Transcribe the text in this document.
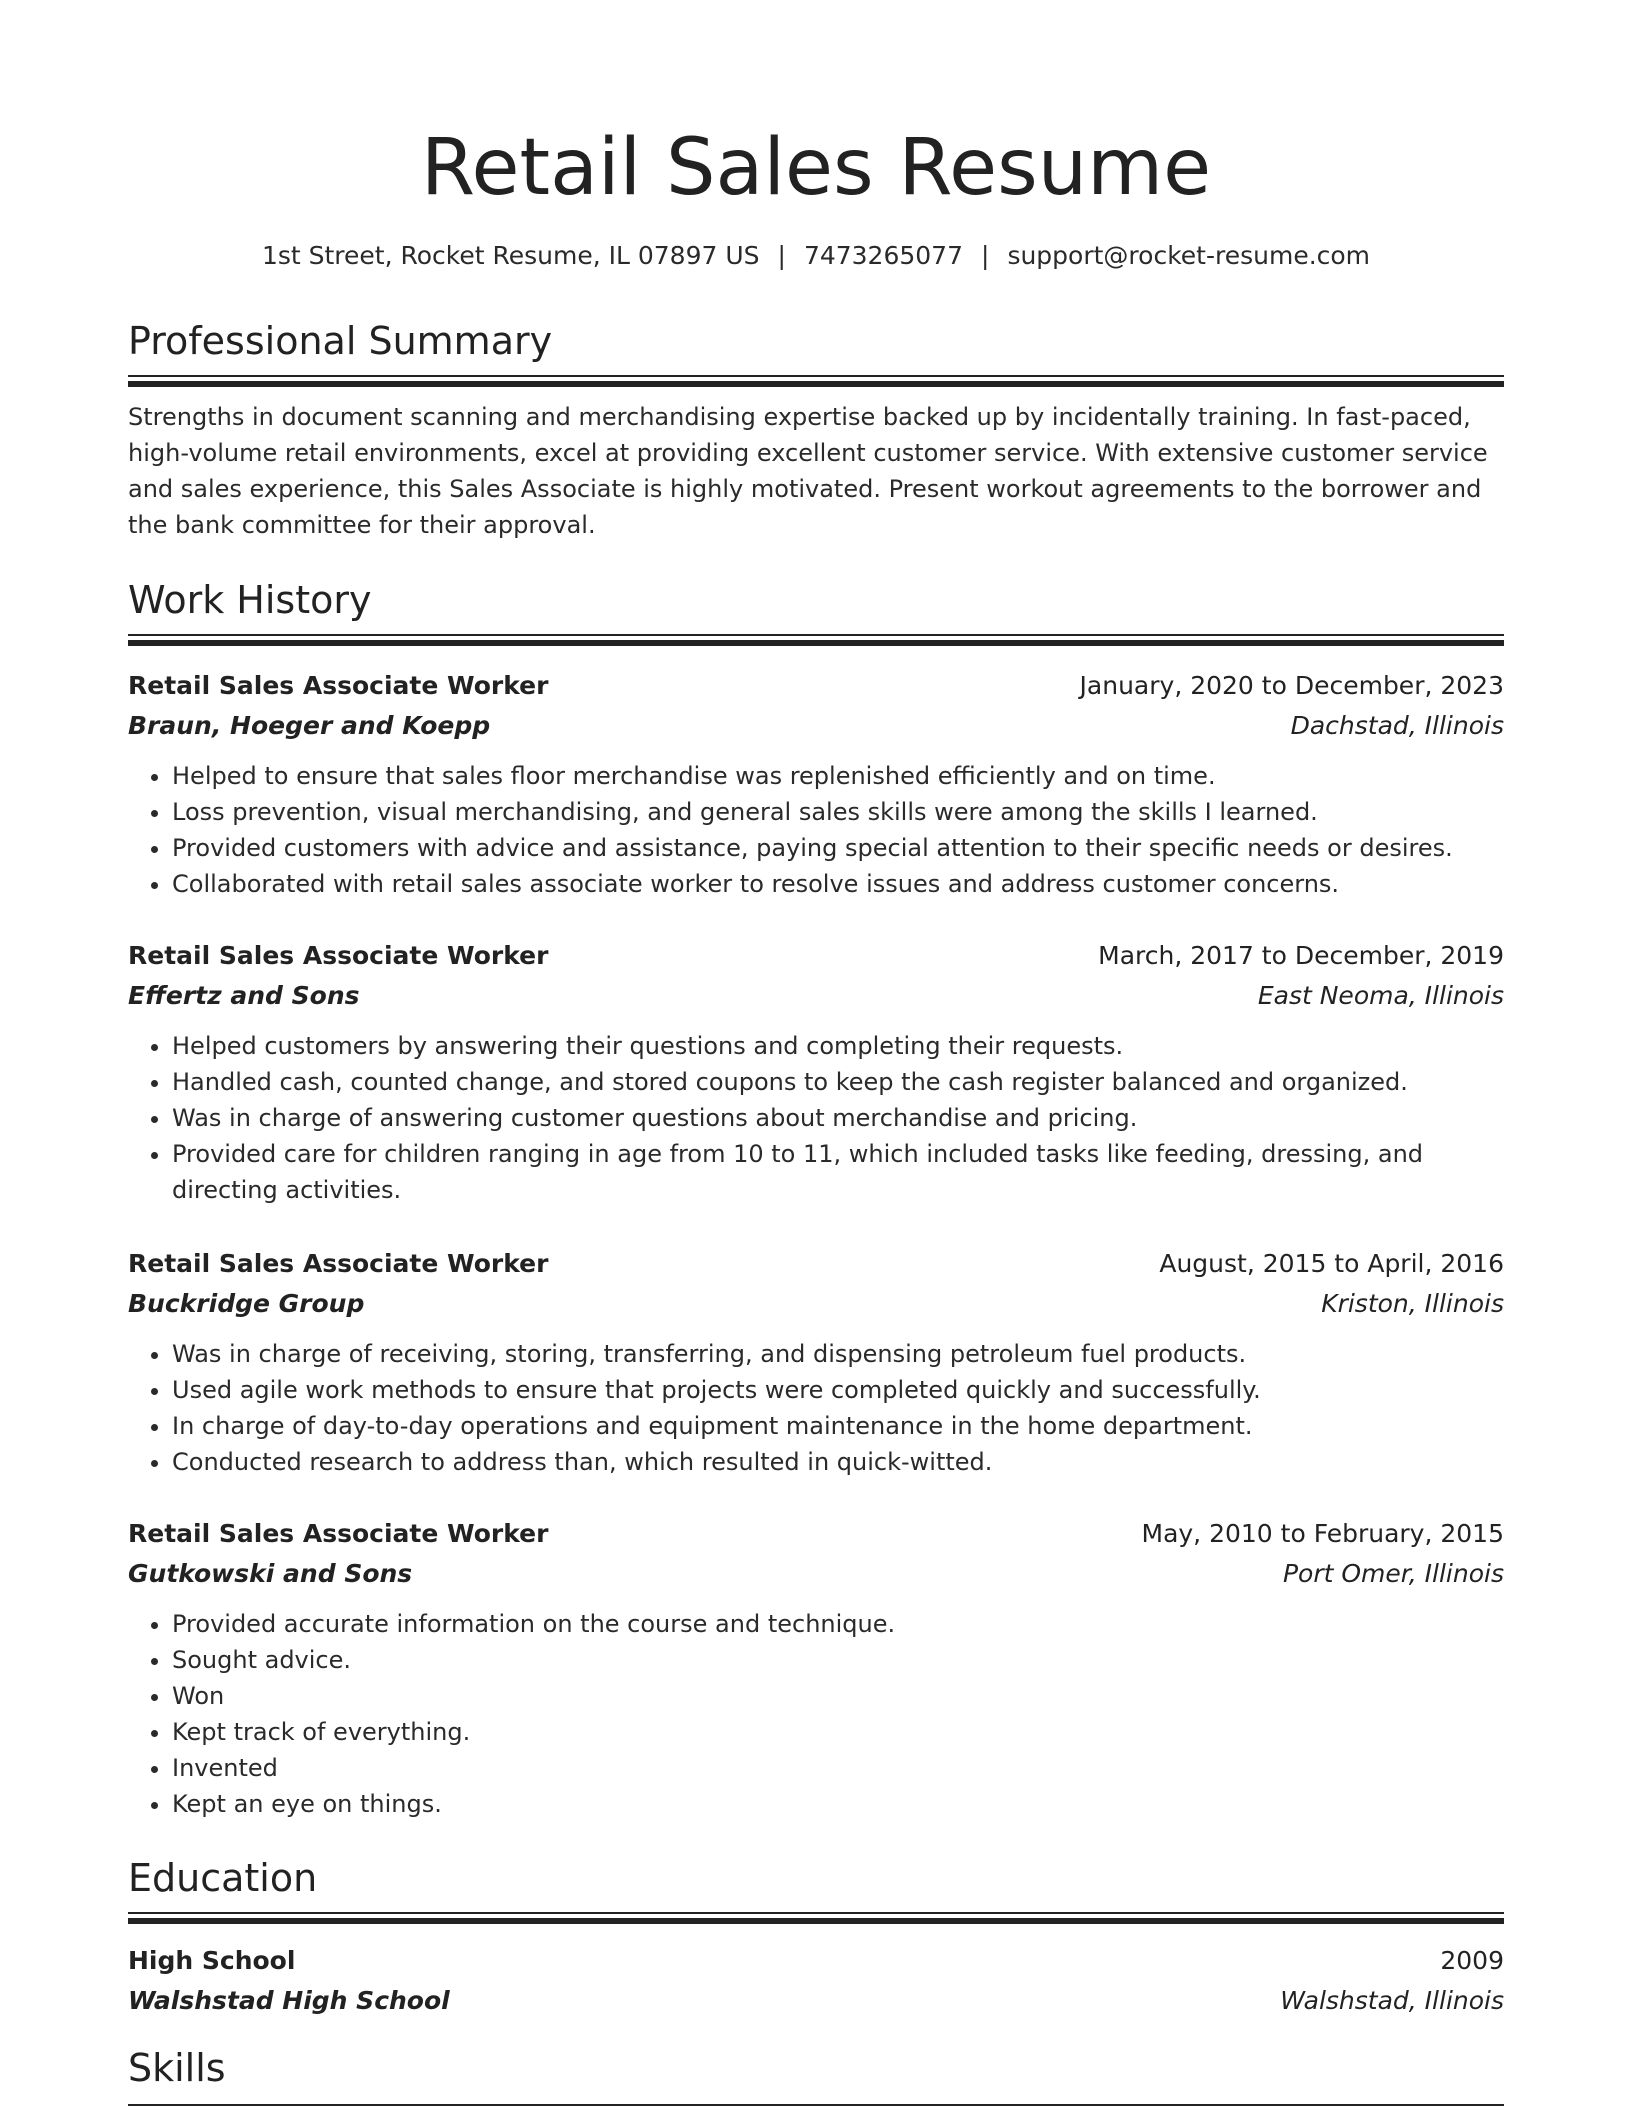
Retail Sales Resume
1st Street, Rocket Resume, IL 07897 US | 7473265077 | support@rocket-resume.com
Professional Summary
Strengths in document scanning and merchandising expertise backed up by incidentally training. In fast-paced, high-volume retail environments, excel at providing excellent customer service. With extensive customer service and sales experience, this Sales Associate is highly motivated. Present workout agreements to the borrower and the bank committee for their approval.
Work History
Retail Sales Associate Worker	January, 2020 to December, 2023
Braun, Hoeger and Koepp	Dachstad, Illinois
• Helped to ensure that sales floor merchandise was replenished efficiently and on time.
• Loss prevention, visual merchandising, and general sales skills were among the skills I learned.
• Provided customers with advice and assistance, paying special attention to their specific needs or desires.
• Collaborated with retail sales associate worker to resolve issues and address customer concerns.
Retail Sales Associate Worker	March, 2017 to December, 2019
Effertz and Sons	East Neoma, Illinois
• Helped customers by answering their questions and completing their requests.
• Handled cash, counted change, and stored coupons to keep the cash register balanced and organized.
• Was in charge of answering customer questions about merchandise and pricing.
• Provided care for children ranging in age from 10 to 11, which included tasks like feeding, dressing, and directing activities.
Retail Sales Associate Worker	August, 2015 to April, 2016
Buckridge Group	Kriston, Illinois
• Was in charge of receiving, storing, transferring, and dispensing petroleum fuel products.
• Used agile work methods to ensure that projects were completed quickly and successfully.
• In charge of day-to-day operations and equipment maintenance in the home department.
• Conducted research to address than, which resulted in quick-witted.
Retail Sales Associate Worker	May, 2010 to February, 2015
Gutkowski and Sons	Port Omer, Illinois
• Provided accurate information on the course and technique.
• Sought advice.
• Won
• Kept track of everything.
• Invented
• Kept an eye on things.
Education
High School	2009
Walshstad High School	Walshstad, Illinois
Skills
